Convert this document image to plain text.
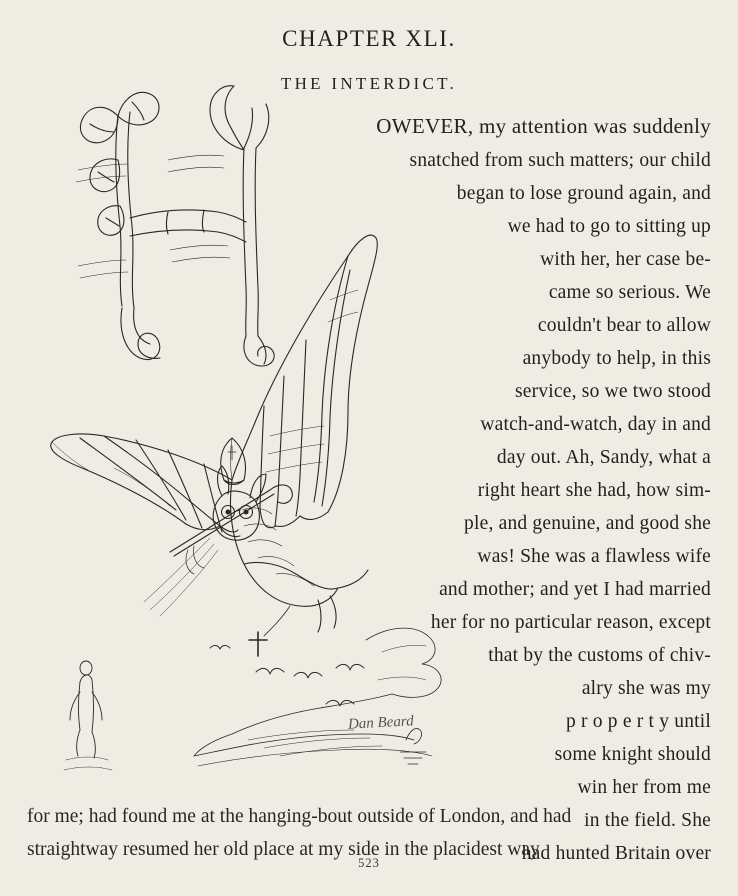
CHAPTER XLI.
THE INTERDICT.
Dan Beard
OWEVER, my attention was suddenly
snatched from such matters; our child
began to lose ground again, and
we had to go to sitting up
with her, her case be-
came so serious. We
couldn't bear to allow
anybody to help, in this
service, so we two stood
watch-and-watch, day in and
day out. Ah, Sandy, what a
right heart she had, how sim-
ple, and genuine, and good she
was! She was a flawless wife
and mother; and yet I had married
her for no particular reason, except
that by the customs of chiv-
alry she was my
p r o p e r t y until
some knight should
win her from me
in the field. She
had hunted Britain over
for me; had found me at the hanging-bout outside of London, and had
straightway resumed her old place at my side in the placidest way
523
